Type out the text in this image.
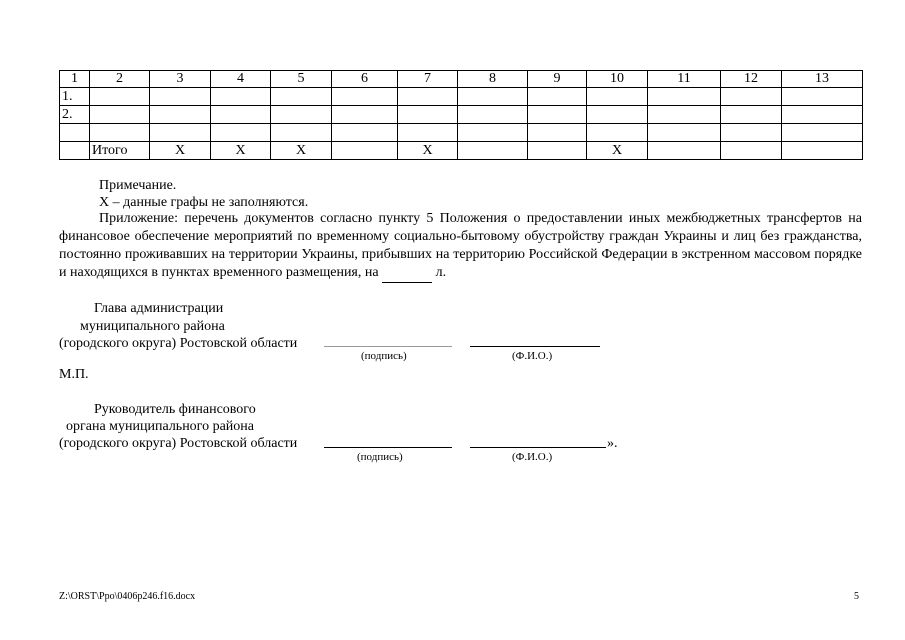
1	2	3	4	5	6	7	8	9	10	11	12	13
1.												
2.												

	Итого	X	X	X		X			X			
Примечание.
X – данные графы не заполняются.
Приложение: перечень документов согласно пункту 5 Положения о предоставлении иных межбюджетных трансфертов на финансовое обеспечение мероприятий по временному социально-бытовому обустройству граждан Украины и лиц без гражданства, постоянно проживавших на территории Украины, прибывших на территорию Российской Федерации в экстренном массовом порядке и находящихся в пунктах временного размещения, на	л.
Глава администрации
муниципального района
(городского округа) Ростовской области
(подпись)	(Ф.И.О.)
М.П.
Руководитель финансового
органа муниципального района
(городского округа) Ростовской области	».
(подпись)	(Ф.И.О.)
Z:\ORST\Ppo\0406p246.f16.docx	5
